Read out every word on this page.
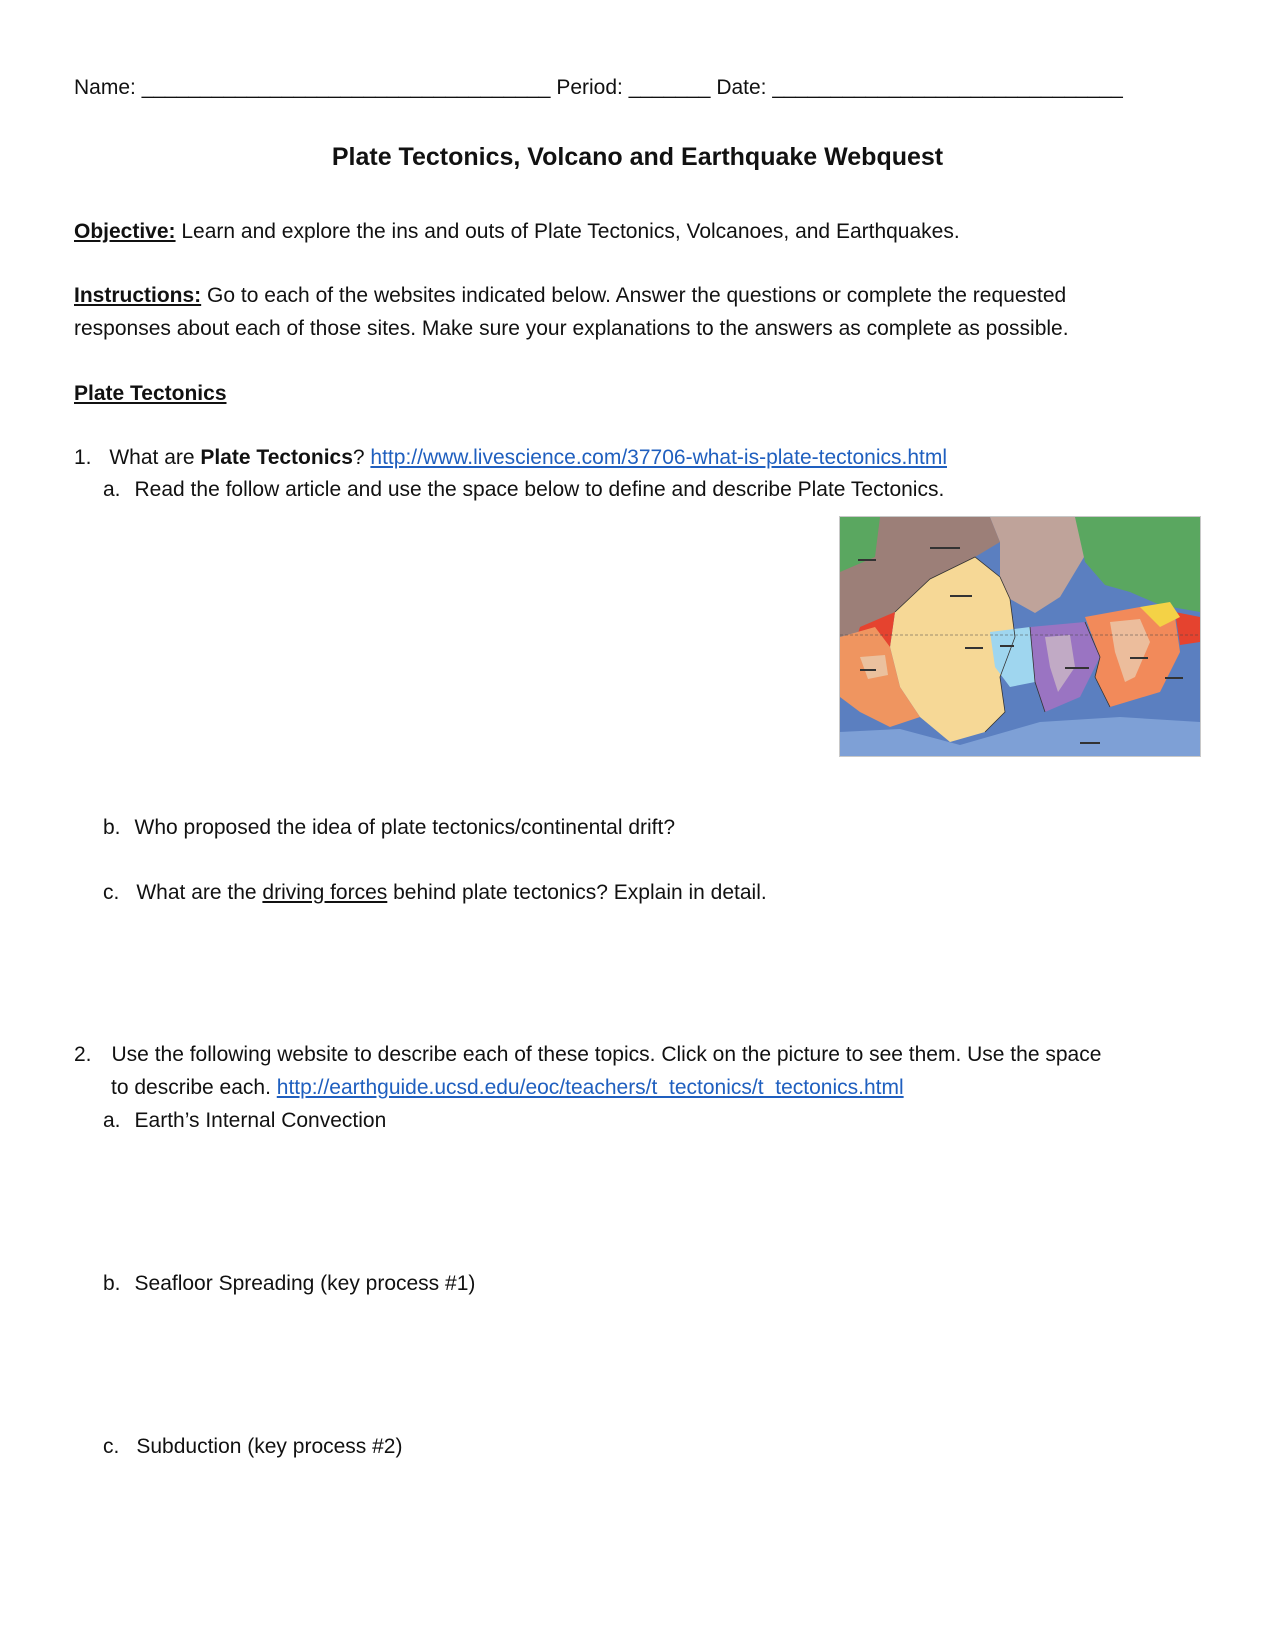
Name: ___________________________________ Period: _______ Date: ______________________________
Plate Tectonics, Volcano and Earthquake Webquest
Objective: Learn and explore the ins and outs of Plate Tectonics, Volcanoes, and Earthquakes.
Instructions: Go to each of the websites indicated below. Answer the questions or complete the requested
responses about each of those sites. Make sure your explanations to the answers as complete as possible.
Plate Tectonics
1. What are Plate Tectonics? http://www.livescience.com/37706-what-is-plate-tectonics.html
a. Read the follow article and use the space below to define and describe Plate Tectonics.
b. Who proposed the idea of plate tectonics/continental drift?
c. What are the driving forces behind plate tectonics? Explain in detail.
2. Use the following website to describe each of these topics. Click on the picture to see them. Use the space
to describe each. http://earthguide.ucsd.edu/eoc/teachers/t_tectonics/t_tectonics.html
a. Earth’s Internal Convection
b. Seafloor Spreading (key process #1)
c. Subduction (key process #2)
